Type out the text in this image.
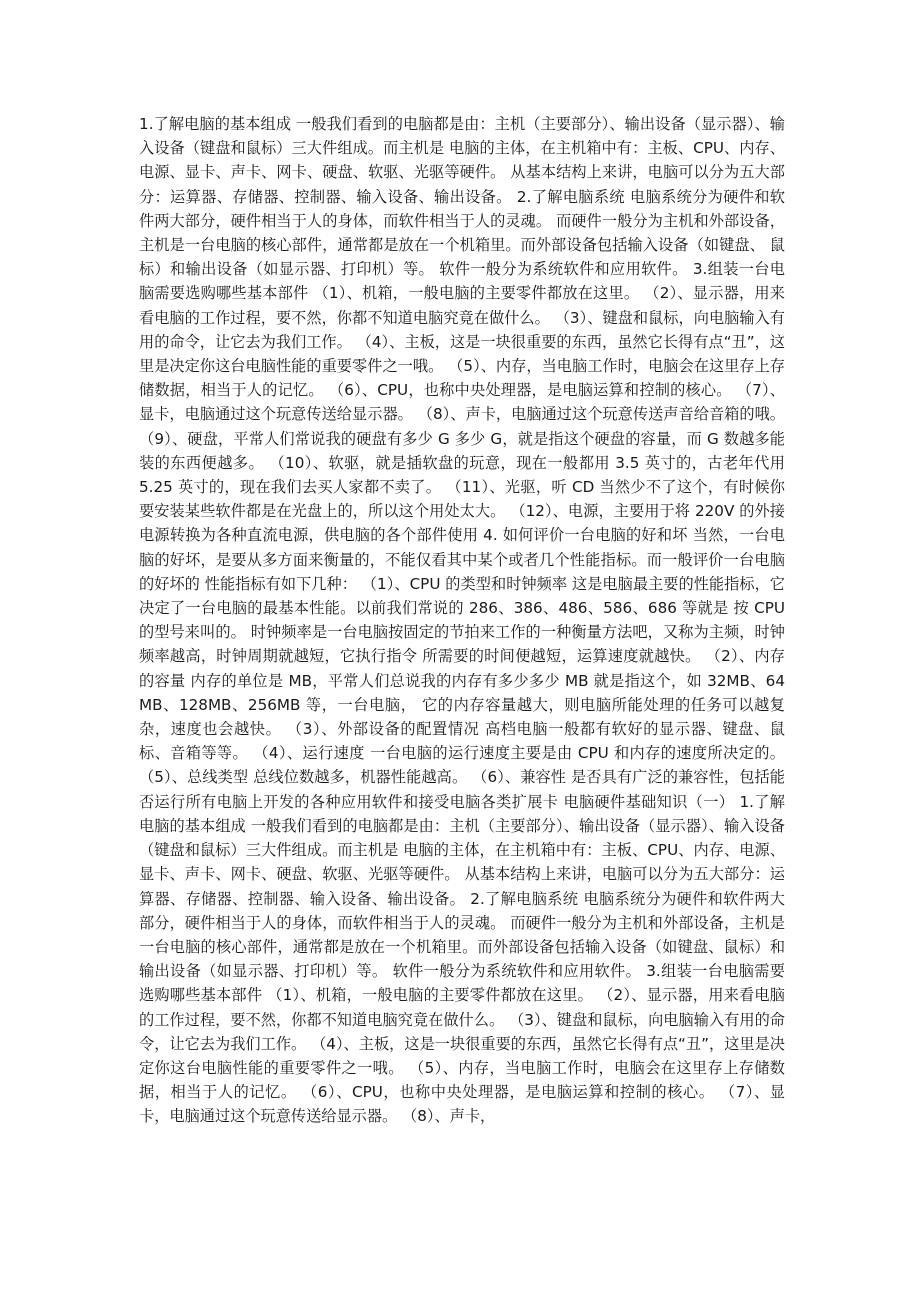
1.了解电脑的基本组成 一般我们看到的电脑都是由：主机（主要部分）、输出设备（显示器）、输入设备（键盘和鼠标）三大件组成。而主机是 电脑的主体，在主机箱中有：主板、CPU、内存、电源、显卡、声卡、网卡、硬盘、软驱、光驱等硬件。 从基本结构上来讲，电脑可以分为五大部分：运算器、存储器、控制器、输入设备、输出设备。 2.了解电脑系统 电脑系统分为硬件和软件两大部分，硬件相当于人的身体，而软件相当于人的灵魂。 而硬件一般分为主机和外部设备，主机是一台电脑的核心部件，通常都是放在一个机箱里。而外部设备包括输入设备（如键盘、 鼠标）和输出设备（如显示器、打印机）等。 软件一般分为系统软件和应用软件。 3.组装一台电脑需要选购哪些基本部件 （1）、机箱，一般电脑的主要零件都放在这里。 （2）、显示器，用来看电脑的工作过程，要不然，你都不知道电脑究竟在做什么。 （3）、键盘和鼠标，向电脑输入有用的命令，让它去为我们工作。 （4）、主板，这是一块很重要的东西，虽然它长得有点“丑”，这里是决定你这台电脑性能的重要零件之一哦。 （5）、内存，当电脑工作时，电脑会在这里存上存储数据，相当于人的记忆。 （6）、CPU，也称中央处理器，是电脑运算和控制的核心。 （7）、显卡，电脑通过这个玩意传送给显示器。 （8）、声卡，电脑通过这个玩意传送声音给音箱的哦。 （9）、硬盘，平常人们常说我的硬盘有多少 G 多少 G，就是指这个硬盘的容量，而 G 数越多能装的东西便越多。 （10）、软驱，就是插软盘的玩意，现在一般都用 3.5 英寸的，古老年代用 5.25 英寸的，现在我们去买人家都不卖了。 （11）、光驱，听 CD 当然少不了这个，有时候你要安装某些软件都是在光盘上的，所以这个用处太大。 （12）、电源，主要用于将 220V 的外接电源转换为各种直流电源，供电脑的各个部件使用 4. 如何评价一台电脑的好和坏 当然，一台电脑的好坏，是要从多方面来衡量的，不能仅看其中某个或者几个性能指标。而一般评价一台电脑的好坏的 性能指标有如下几种： （1）、CPU 的类型和时钟频率 这是电脑最主要的性能指标，它决定了一台电脑的最基本性能。以前我们常说的 286、386、486、586、686 等就是 按 CPU 的型号来叫的。 时钟频率是一台电脑按固定的节拍来工作的一种衡量方法吧，又称为主频，时钟频率越高，时钟周期就越短，它执行指令 所需要的时间便越短，运算速度就越快。 （2）、内存的容量 内存的单位是 MB，平常人们总说我的内存有多少多少 MB 就是指这个，如 32MB、64MB、128MB、256MB 等，一台电脑， 它的内存容量越大，则电脑所能处理的任务可以越复杂，速度也会越快。 （3）、外部设备的配置情况 高档电脑一般都有软好的显示器、键盘、鼠标、音箱等等。 （4）、运行速度 一台电脑的运行速度主要是由 CPU 和内存的速度所决定的。 （5）、总线类型 总线位数越多，机器性能越高。 （6）、兼容性 是否具有广泛的兼容性，包括能否运行所有电脑上开发的各种应用软件和接受电脑各类扩展卡 电脑硬件基础知识（一） 1.了解电脑的基本组成 一般我们看到的电脑都是由：主机（主要部分）、输出设备（显示器）、输入设备（键盘和鼠标）三大件组成。而主机是 电脑的主体，在主机箱中有：主板、CPU、内存、电源、显卡、声卡、网卡、硬盘、软驱、光驱等硬件。 从基本结构上来讲，电脑可以分为五大部分：运算器、存储器、控制器、输入设备、输出设备。 2.了解电脑系统 电脑系统分为硬件和软件两大部分，硬件相当于人的身体，而软件相当于人的灵魂。 而硬件一般分为主机和外部设备，主机是一台电脑的核心部件，通常都是放在一个机箱里。而外部设备包括输入设备（如键盘、鼠标）和输出设备（如显示器、打印机）等。 软件一般分为系统软件和应用软件。 3.组装一台电脑需要选购哪些基本部件 （1）、机箱，一般电脑的主要零件都放在这里。 （2）、显示器，用来看电脑的工作过程，要不然，你都不知道电脑究竟在做什么。 （3）、键盘和鼠标，向电脑输入有用的命令，让它去为我们工作。 （4）、主板，这是一块很重要的东西，虽然它长得有点“丑”，这里是决定你这台电脑性能的重要零件之一哦。 （5）、内存，当电脑工作时，电脑会在这里存上存储数据，相当于人的记忆。 （6）、CPU，也称中央处理器，是电脑运算和控制的核心。 （7）、显卡，电脑通过这个玩意传送给显示器。 （8）、声卡，
